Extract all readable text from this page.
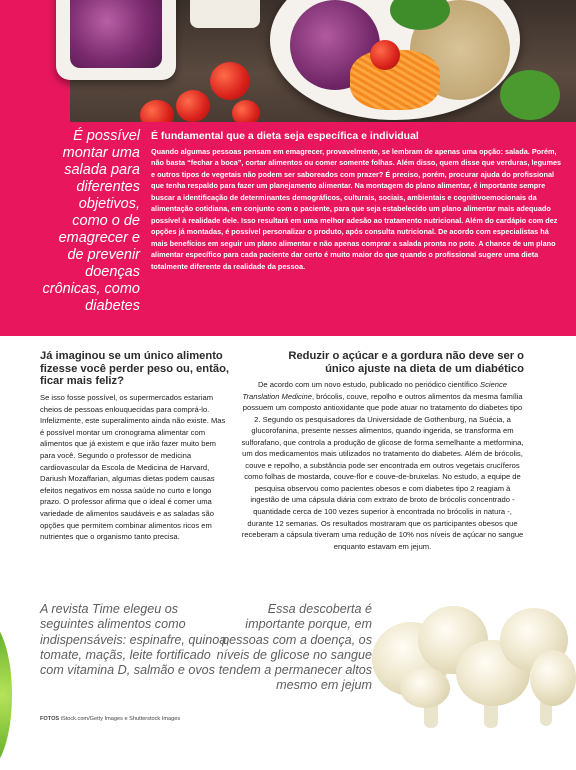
É possível montar uma salada para diferentes objetivos, como o de emagrecer e de prevenir doenças crônicas, como diabetes
É fundamental que a dieta seja específica e individual
Quando algumas pessoas pensam em emagrecer, provavelmente, se lembram de apenas uma opção: salada. Porém, não basta “fechar a boca”, cortar alimentos ou comer somente folhas. Além disso, quem disse que verduras, legumes e outros tipos de vegetais não podem ser saboreados com prazer? É preciso, porém, procurar ajuda do profissional que tenha respaldo para fazer um planejamento alimentar. Na montagem do plano alimentar, é importante sempre buscar a identificação de determinantes demográficos, culturais, sociais, ambientais e cognitivoemocionais da alimentação cotidiana, em conjunto com o paciente, para que seja estabelecido um plano alimentar mais adequado possível à realidade dele. Isso resultará em uma melhor adesão ao tratamento nutricional. Além do cardápio com dez opções já montadas, é possível personalizar o produto, após consulta nutricional. De acordo com especialistas há mais benefícios em seguir um plano alimentar e não apenas comprar a salada pronta no pote. A chance de um plano alimentar específico para cada paciente dar certo é muito maior do que quando o profissional sugere uma dieta totalmente diferente da realidade da pessoa.
Já imaginou se um único alimento fizesse você perder peso ou, então, ficar mais feliz?
Se isso fosse possível, os supermercados estariam cheios de pessoas enlouquecidas para comprá-lo. Infelizmente, este superalimento ainda não existe. Mas é possível montar um cronograma alimentar com alimentos que já existem e que irão fazer muito bem para você. Segundo o professor de medicina cardiovascular da Escola de Medicina de Harvard, Dariush Mozaffarian, algumas dietas podem causas efeitos negativos em nossa saúde no curto e longo prazo. O professor afirma que o ideal é comer uma variedade de alimentos saudáveis e as saladas são opções que permitem combinar alimentos ricos em nutrientes que o organismo tanto precisa.
A revista Time elegeu os seguintes alimentos como indispensáveis: espinafre, quinoa, tomate, maçãs, leite fortificado com vitamina D, salmão e ovos
FOTOS iStock.com/Getty Images e Shutterstock Images
Reduzir o açúcar e a gordura não deve ser o único ajuste na dieta de um diabético
De acordo com um novo estudo, publicado no periódico científico Science Translation Medicine, brócolis, couve, repolho e outros alimentos da mesma família possuem um composto antioxidante que pode atuar no tratamento do diabetes tipo 2. Segundo os pesquisadores da Universidade de Gothenburg, na Suécia, a glucorofanina, presente nesses alimentos, quando ingerida, se transforma em sulforafano, que controla a produção de glicose de forma semelhante a metformina, um dos medicamentos mais utilizados no tratamento do diabetes. Além de brócolis, couve e repolho, a substância pode ser encontrada em outros vegetais crucíferos como folhas de mostarda, couve-flor e couve-de-bruxelas. No estudo, a equipe de pesquisa observou como pacientes obesos e com diabetes tipo 2 reagiam à ingestão de uma cápsula diária com extrato de broto de brócolis concentrado - quantidade cerca de 100 vezes superior à encontrada no brócolis in natura -, durante 12 semanas. Os resultados mostraram que os participantes obesos que receberam a cápsula tiveram uma redução de 10% nos níveis de açúcar no sangue enquanto estavam em jejum.
Essa descoberta é importante porque, em pessoas com a doença, os níveis de glicose no sangue tendem a permanecer altos mesmo em jejum
